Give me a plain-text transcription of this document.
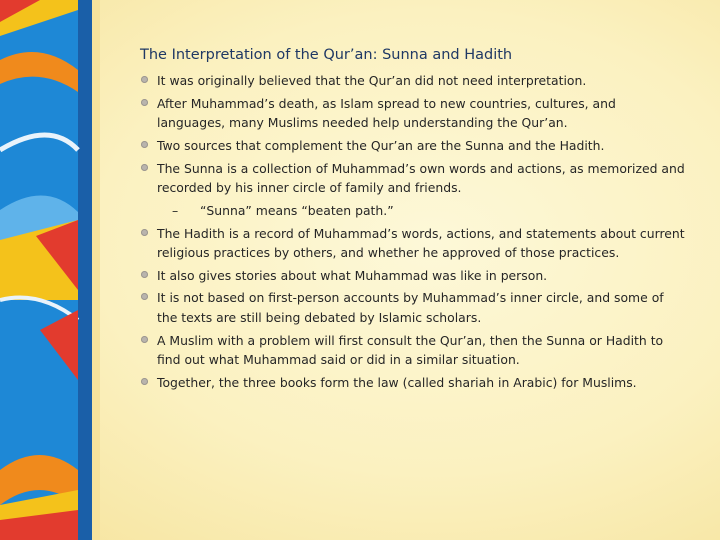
The Interpretation of the Qur’an: Sunna and Hadith
It was originally believed that the Qur’an did not need interpretation.
After Muhammad’s death, as Islam spread to new countries, cultures, and languages, many Muslims needed help understanding the Qur’an.
Two sources that complement the Qur’an are the Sunna and the Hadith.
The Sunna is a collection of Muhammad’s own words and actions, as memorized and recorded by his inner circle of family and friends.
– “Sunna” means “beaten path.”
The Hadith is a record of Muhammad’s words, actions, and statements about current religious practices by others, and whether he approved of those practices.
It also gives stories about what Muhammad was like in person.
It is not based on first-person accounts by Muhammad’s inner circle, and some of the texts are still being debated by Islamic scholars.
A Muslim with a problem will first consult the Qur’an, then the Sunna or Hadith to find out what Muhammad said or did in a similar situation.
Together, the three books form the law (called shariah in Arabic) for Muslims.
